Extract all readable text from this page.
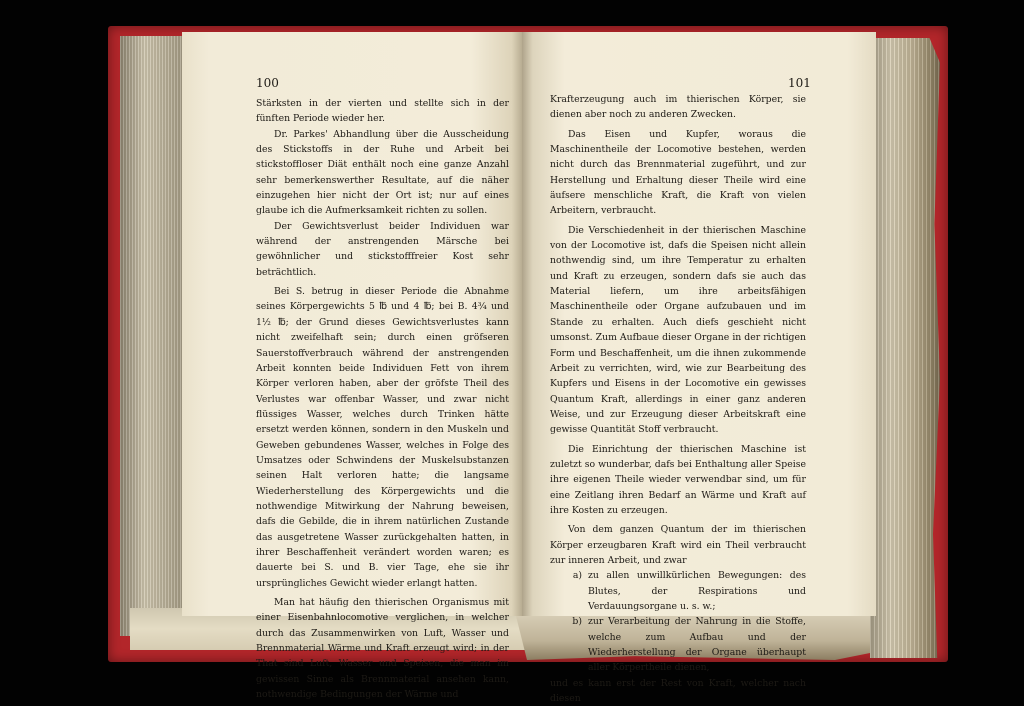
100

Stärksten in der vierten und stellte sich in der fünften Periode wieder her.

Dr. Parkes' Abhandlung über die Ausscheidung des Stickstoffs in der Ruhe und Arbeit bei stickstoffloser Diät enthält noch eine ganze Anzahl sehr bemerkenswerther Resultate, auf die näher einzugehen hier nicht der Ort ist; nur auf eines glaube ich die Aufmerksamkeit richten zu sollen.

Der Gewichtsverlust beider Individuen war während der anstrengenden Märsche bei gewöhnlicher und stickstofffreier Kost sehr beträchtlich.

Bei S. betrug in dieser Periode die Abnahme seines Körpergewichts 5 ℔ und 4 ℔; bei B. 4¾ und 1½ ℔; der Grund dieses Gewichtsverlustes kann nicht zweifelhaft sein; durch einen gröfseren Sauerstoffverbrauch während der anstrengenden Arbeit konnten beide Individuen Fett von ihrem Körper verloren haben, aber der gröfste Theil des Verlustes war offenbar Wasser, und zwar nicht flüssiges Wasser, welches durch Trinken hätte ersetzt werden können, sondern in den Muskeln und Geweben gebundenes Wasser, welches in Folge des Umsatzes oder Schwindens der Muskelsubstanzen seinen Halt verloren hatte; die langsame Wiederherstellung des Körpergewichts und die nothwendige Mitwirkung der Nahrung beweisen, dafs die Gebilde, die in ihrem natürlichen Zustande das ausgetretene Wasser zurückgehalten hatten, in ihrer Beschaffenheit verändert worden waren; es dauerte bei S. und B. vier Tage, ehe sie ihr ursprüngliches Gewicht wieder erlangt hatten.

Man hat häufig den thierischen Organismus mit einer Eisenbahnlocomotive verglichen, in welcher durch das Zusammenwirken von Luft, Wasser und Brennmaterial Wärme und Kraft erzeugt wird; in der That sind Luft, Wasser und Speisen, die man im gewissen Sinne als Brennmaterial ansehen kann, nothwendige Bedingungen der Wärme und

101

Krafterzeugung auch im thierischen Körper, sie dienen aber noch zu anderen Zwecken.

Das Eisen und Kupfer, woraus die Maschinentheile der Locomotive bestehen, werden nicht durch das Brennmaterial zugeführt, und zur Herstellung und Erhaltung dieser Theile wird eine äufsere menschliche Kraft, die Kraft von vielen Arbeitern, verbraucht.

Die Verschiedenheit in der thierischen Maschine von der Locomotive ist, dafs die Speisen nicht allein nothwendig sind, um ihre Temperatur zu erhalten und Kraft zu erzeugen, sondern dafs sie auch das Material liefern, um ihre arbeitsfähigen Maschinentheile oder Organe aufzubauen und im Stande zu erhalten. Auch diefs geschieht nicht umsonst. Zum Aufbaue dieser Organe in der richtigen Form und Beschaffenheit, um die ihnen zukommende Arbeit zu verrichten, wird, wie zur Bearbeitung des Kupfers und Eisens in der Locomotive ein gewisses Quantum Kraft, allerdings in einer ganz anderen Weise, und zur Erzeugung dieser Arbeitskraft eine gewisse Quantität Stoff verbraucht.

Die Einrichtung der thierischen Maschine ist zuletzt so wunderbar, dafs bei Enthaltung aller Speise ihre eigenen Theile wieder verwendbar sind, um für eine Zeitlang ihren Bedarf an Wärme und Kraft auf ihre Kosten zu erzeugen.

Von dem ganzen Quantum der im thierischen Körper erzeugbaren Kraft wird ein Theil verbraucht zur inneren Arbeit, und zwar

a) zu allen unwillkürlichen Bewegungen: des Blutes, der Respirations und Verdauungsorgane u. s. w.;
b) zur Verarbeitung der Nahrung in die Stoffe, welche zum Aufbau und der Wiederherstellung der Organe überhaupt aller Körpertheile dienen,

und es kann erst der Rest von Kraft, welcher nach diesen
